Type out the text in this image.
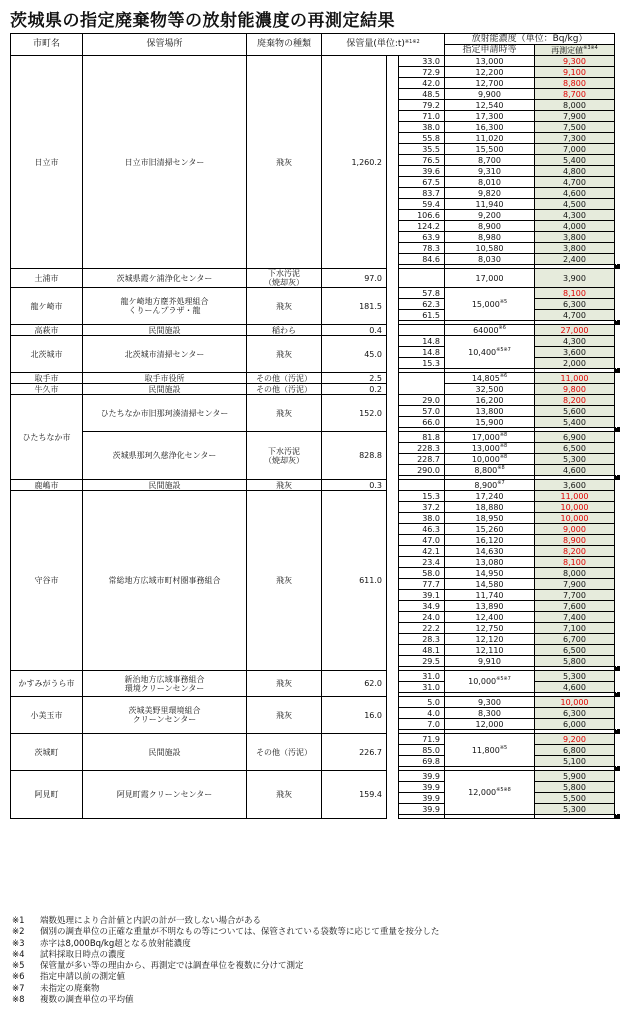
茨城県の指定廃棄物等の放射能濃度の再測定結果
市町名	保管場所	廃棄物の種類	保管量(単位:t)$^{※1※2}$			放射能濃度（単位：Bq/kg）				
						指定申請時等	再測定値$^{※3※4}$
日立市	日立市旧清掃センター	飛灰	1,260.2		33.0	13,000	9,300			
					72.9	12,200	9,100			
					42.0	12,700	8,800			
					48.5	9,900	8,700			
					79.2	12,540	8,000			
					71.0	17,300	7,900			
					38.0	16,300	7,500			
					55.8	11,020	7,300			
					35.5	15,500	7,000			
					76.5	8,700	5,400			
					39.6	9,310	4,800			
					67.5	8,010	4,700			
					83.7	9,820	4,600			
					59.4	11,940	4,500			
					106.6	9,200	4,300			
					124.2	8,900	4,000			
					63.9	8,980	3,800			
					78.3	10,580	3,800			
					84.6	8,030	2,400			

土浦市	茨城県霞ケ浦浄化センター	下水汚泥
（焼却灰）	97.0			17,000	3,900			

龍ケ崎市	龍ケ崎地方塵芥処理組合
くりーんプラザ・龍	飛灰	181.5		57.8	15,000$^{※5}$	8,100			
					62.3		6,300			
					61.5		4,700			

高萩市	民間施設	稲わら	0.4			64000$^{※6}$	27,000			

北茨城市	北茨城市清掃センター	飛灰	45.0		14.8	$10,400^{※5※7}$	4,300			
					14.8		3,600			
					15.3		2,000			

取手市	取手市役所	その他（汚泥）	2.5			14,805$^{※6}$	11,000			

牛久市	民間施設	その他（汚泥）	0.2			32,500	9,800			

ひたちなか市	ひたちなか市旧那珂湊清掃センター	飛灰	152.0		29.0	16,200	8,200			
					57.0	13,800	5,600			
					66.0	15,900	5,400			

	茨城県那珂久慈浄化センター	下水汚泥
（焼却灰）	828.8		81.8	17,000$^{※8}$	6,900			
					228.3	13,000$^{※8}$	6,500			
					228.7	10,000$^{※8}$	5,300			
					290.0	8,800$^{※8}$	4,600			

鹿嶋市	民間施設	飛灰	0.3			8,900$^{※7}$	3,600			

守谷市	常総地方広域市町村圏事務組合	飛灰	611.0		15.3	17,240	11,000			
					37.2	18,880	10,000			
					38.0	18,950	10,000			
					46.3	15,260	9,000			
					47.0	16,120	8,900			
					42.1	14,630	8,200			
					23.4	13,080	8,100			
					58.0	14,950	8,000			
					77.7	14,580	7,900			
					39.1	11,740	7,700			
					34.9	13,890	7,600			
					24.0	12,400	7,400			
					22.2	12,750	7,100			
					28.3	12,120	6,700			
					48.1	12,110	6,500			
					29.5	9,910	5,800			

かすみがうら市	新治地方広域事務組合
環境クリーンセンター	飛灰	62.0		31.0	$10,000^{※5※7}$	5,300			
					31.0		4,600			

小美玉市	茨城美野里環境組合
クリーンセンター	飛灰	16.0		5.0	9,300	10,000			
					4.0	8,300	6,300			
					7.0	12,000	6,000			

茨城町	民間施設	その他（汚泥）	226.7		71.9	11,800$^{※5}$	9,200			
					85.0		6,800			
					69.8		5,100			

阿見町	阿見町霞クリーンセンター	飛灰	159.4		39.9	$12,000^{※5※8}$	5,900			
					39.9		5,800			
					39.9		5,500			
					39.9		5,300			

※1 端数処理により合計値と内訳の計が一致しない場合がある
※2 個別の調査単位の正確な重量が不明なもの等については、保管されている袋数等に応じて重量を按分した
※3 赤字は8,000Bq/kg超となる放射能濃度
※4 試料採取日時点の濃度
※5 保管量が多い等の理由から、再測定では調査単位を複数に分けて測定
※6 指定申請以前の測定値
※7 未指定の廃棄物
※8 複数の調査単位の平均値
